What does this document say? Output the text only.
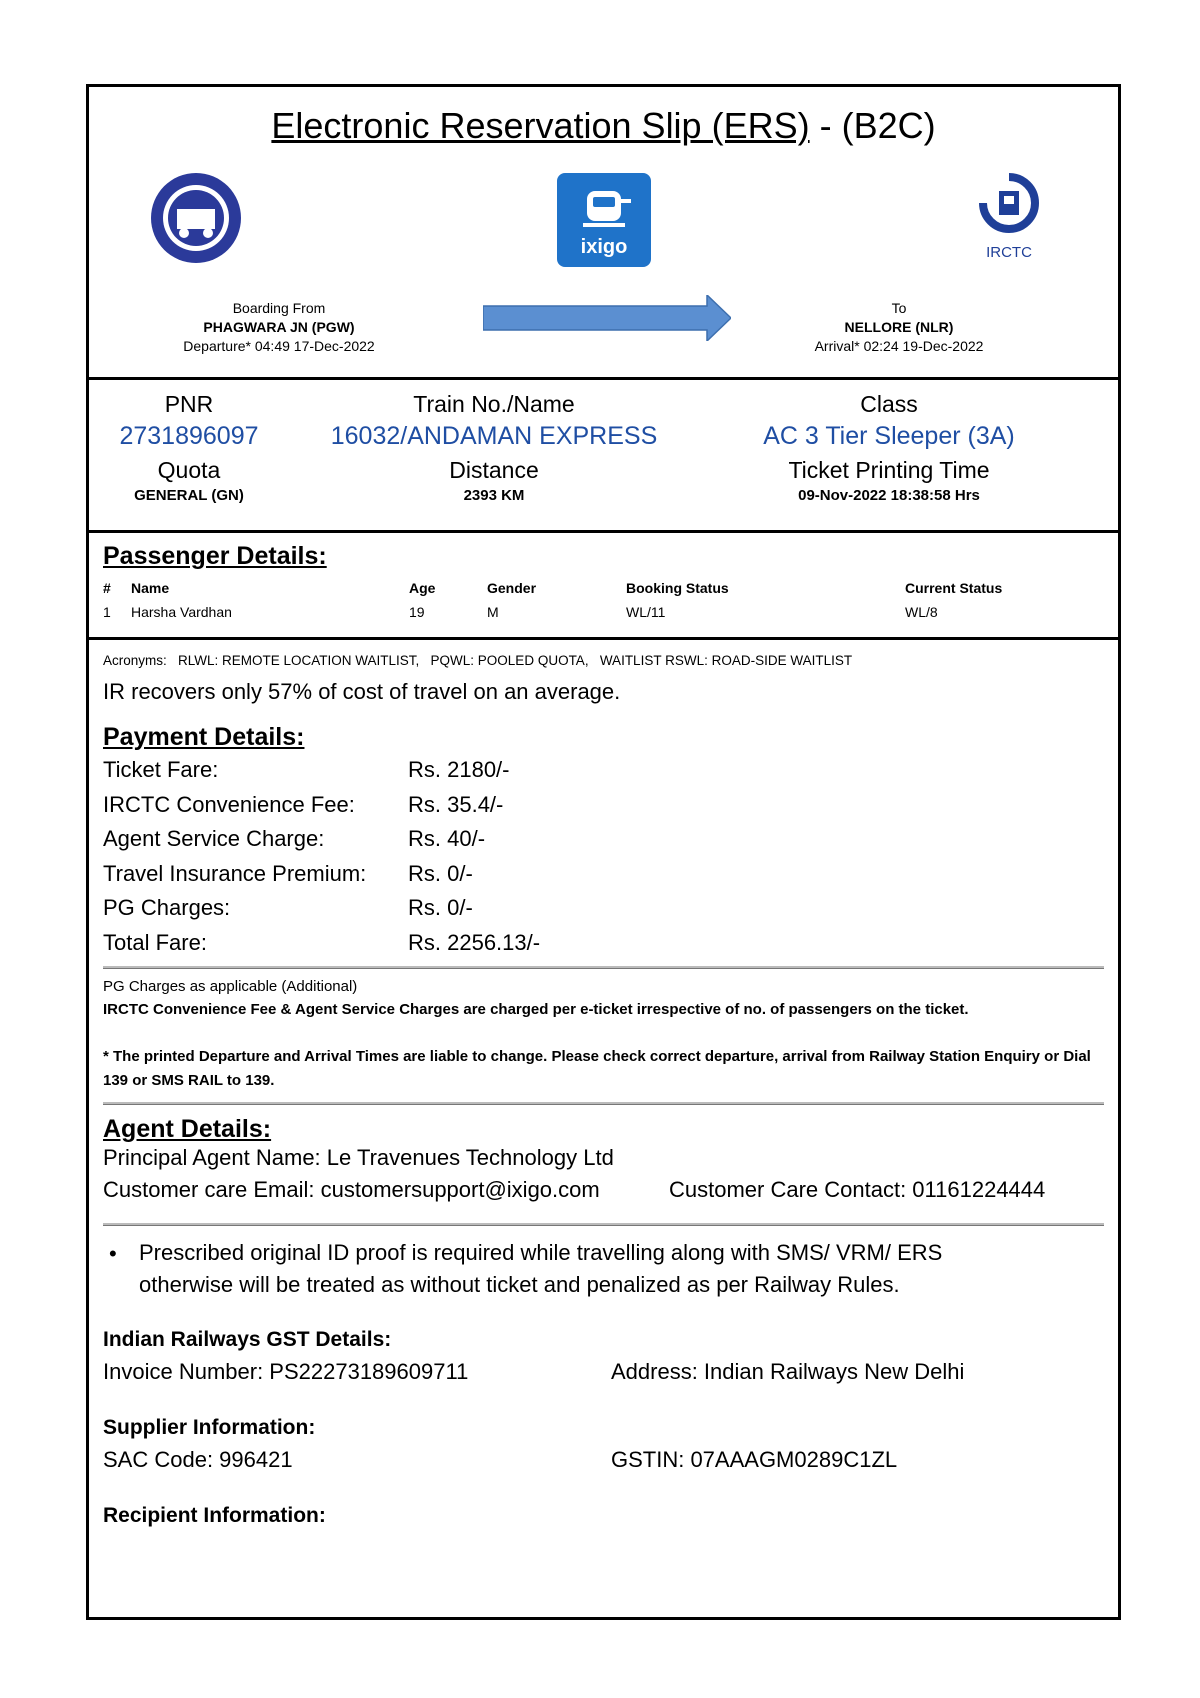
Electronic Reservation Slip (ERS) - (B2C)
ixigo	IRCTC
Boarding From
PHAGWARA JN (PGW)
Departure* 04:49 17-Dec-2022
To
NELLORE (NLR)
Arrival* 02:24 19-Dec-2022
PNR
2731896097
Quota
GENERAL (GN)
Train No./Name
16032/ANDAMAN EXPRESS
Distance
2393 KM
Class
AC 3 Tier Sleeper (3A)
Ticket Printing Time
09-Nov-2022 18:38:58 Hrs
Passenger Details:
# Name	Age	Gender	Booking Status	Current Status
1 Harsha Vardhan	19	M	WL/11	WL/8
Acronyms:   RLWL: REMOTE LOCATION WAITLIST,   PQWL: POOLED QUOTA,   WAITLIST RSWL: ROAD-SIDE WAITLIST
IR recovers only 57% of cost of travel on an average.
Payment Details:
Ticket Fare:	Rs. 2180/-
IRCTC Convenience Fee: Rs. 35.4/-
Agent Service Charge:	Rs. 40/-
Travel Insurance Premium: Rs. 0/-
PG Charges:	Rs. 0/-
Total Fare:	Rs. 2256.13/-
PG Charges as applicable (Additional)
IRCTC Convenience Fee & Agent Service Charges are charged per e-ticket irrespective of no. of passengers on the ticket.
* The printed Departure and Arrival Times are liable to change. Please check correct departure, arrival from Railway Station Enquiry or Dial 139 or SMS RAIL to 139.
Agent Details:
Principal Agent Name: Le Travenues Technology Ltd
Customer care Email: customersupport@ixigo.com	Customer Care Contact: 01161224444
• Prescribed original ID proof is required while travelling along with SMS/ VRM/ ERS otherwise will be treated as without ticket and penalized as per Railway Rules.
Indian Railways GST Details:
Invoice Number: PS22273189609711	Address: Indian Railways New Delhi
Supplier Information:
SAC Code: 996421	GSTIN: 07AAAGM0289C1ZL
Recipient Information:
